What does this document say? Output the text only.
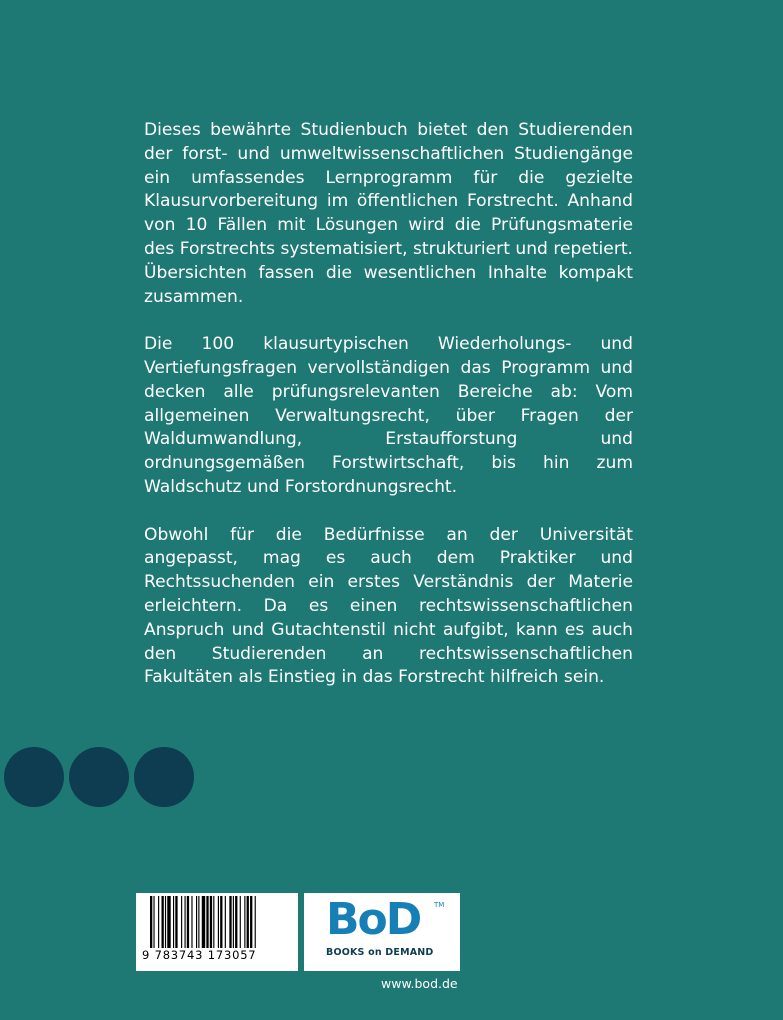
Dieses bewährte Studienbuch bietet den Studierenden der forst- und umweltwissenschaftlichen Studiengänge ein umfassendes Lernprogramm für die gezielte Klausurvorbereitung im öffentlichen Forstrecht. Anhand von 10 Fällen mit Lösungen wird die Prüfungsmaterie des Forstrechts systematisiert, strukturiert und repetiert. Übersichten fassen die wesentlichen Inhalte kompakt zusammen.

Die 100 klausurtypischen Wiederholungs- und Vertiefungsfragen vervollständigen das Programm und decken alle prüfungsrelevanten Bereiche ab: Vom allgemeinen Verwaltungsrecht, über Fragen der Waldumwandlung, Erstaufforstung und ordnungsgemäßen Forstwirtschaft, bis hin zum Waldschutz und Forstordnungsrecht.

Obwohl für die Bedürfnisse an der Universität angepasst, mag es auch dem Praktiker und Rechtssuchenden ein erstes Verständnis der Materie erleichtern. Da es einen rechtswissenschaftlichen Anspruch und Gutachtenstil nicht aufgibt, kann es auch den Studierenden an rechtswissenschaftlichen Fakultäten als Einstieg in das Forstrecht hilfreich sein.

9 783743 173057
BoD TM
BOOKS on DEMAND
www.bod.de
